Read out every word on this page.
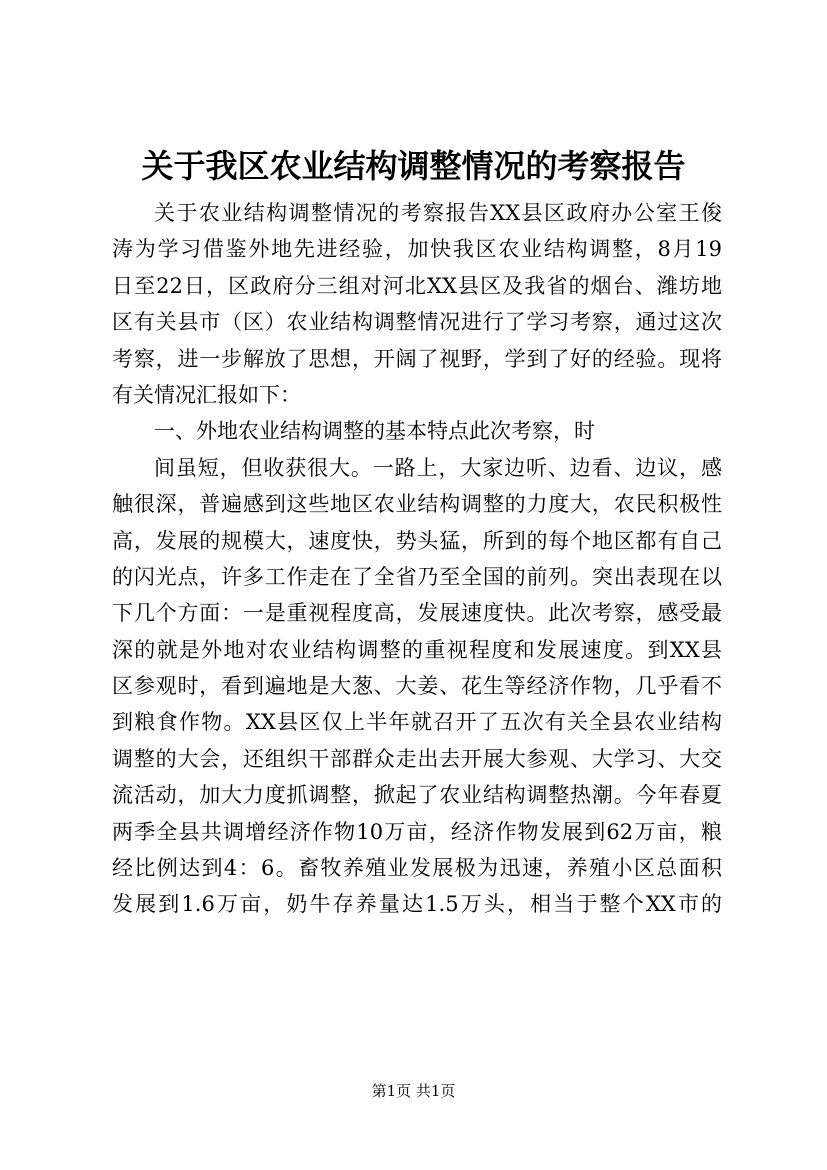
关于我区农业结构调整情况的考察报告
关于农业结构调整情况的考察报告XX县区政府办公室王俊
涛为学习借鉴外地先进经验，加快我区农业结构调整，8月19
日至22日，区政府分三组对河北XX县区及我省的烟台、潍坊地
区有关县市（区）农业结构调整情况进行了学习考察，通过这次
考察，进一步解放了思想，开阔了视野，学到了好的经验。现将
有关情况汇报如下：
一、外地农业结构调整的基本特点此次考察，时
间虽短，但收获很大。一路上，大家边听、边看、边议，感
触很深，普遍感到这些地区农业结构调整的力度大，农民积极性
高，发展的规模大，速度快，势头猛，所到的每个地区都有自己
的闪光点，许多工作走在了全省乃至全国的前列。突出表现在以
下几个方面：一是重视程度高，发展速度快。此次考察，感受最
深的就是外地对农业结构调整的重视程度和发展速度。到XX县
区参观时，看到遍地是大葱、大姜、花生等经济作物，几乎看不
到粮食作物。XX县区仅上半年就召开了五次有关全县农业结构
调整的大会，还组织干部群众走出去开展大参观、大学习、大交
流活动，加大力度抓调整，掀起了农业结构调整热潮。今年春夏
两季全县共调增经济作物10万亩，经济作物发展到62万亩，粮
经比例达到4：6。畜牧养殖业发展极为迅速，养殖小区总面积
发展到1.6万亩，奶牛存养量达1.5万头，相当于整个XX市的
第1页 共1页
